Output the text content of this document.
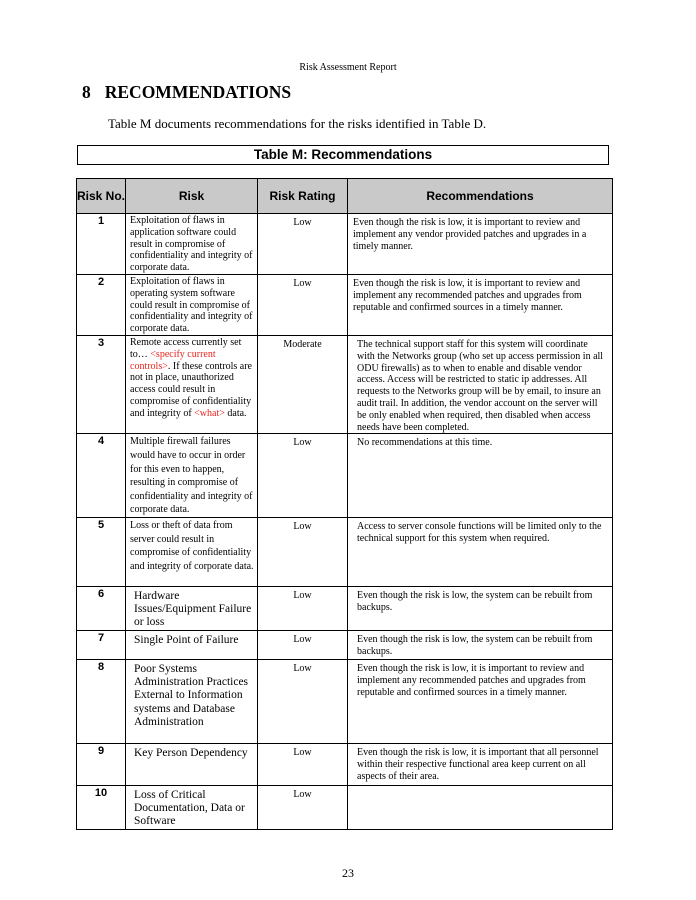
Risk Assessment Report
8 RECOMMENDATIONS
Table M documents recommendations for the risks identified in Table D.
Table M: Recommendations
Risk No.	Risk	Risk Rating	Recommendations
1	Exploitation of flaws in application software could result in compromise of confidentiality and integrity of corporate data.	Low	Even though the risk is low, it is important to review and implement any vendor provided patches and upgrades in a timely manner.
2	Exploitation of flaws in operating system software could result in compromise of confidentiality and integrity of corporate data.	Low	Even though the risk is low, it is important to review and implement any recommended patches and upgrades from reputable and confirmed sources in a timely manner.
3	Remote access currently set to… <specify current controls>. If these controls are not in place, unauthorized access could result in compromise of confidentiality and integrity of <what> data.	Moderate	The technical support staff for this system will coordinate with the Networks group (who set up access permission in all ODU firewalls) as to when to enable and disable vendor access. Access will be restricted to static ip addresses. All requests to the Networks group will be by email, to insure an audit trail. In addition, the vendor account on the server will be only enabled when required, then disabled when access needs have been completed.
4	Multiple firewall failures would have to occur in order for this even to happen, resulting in compromise of confidentiality and integrity of corporate data.	Low	No recommendations at this time.
5	Loss or theft of data from server could result in compromise of confidentiality and integrity of corporate data.	Low	Access to server console functions will be limited only to the technical support for this system when required.
6	Hardware Issues/Equipment Failure or loss	Low	Even though the risk is low, the system can be rebuilt from backups.
7	Single Point of Failure	Low	Even though the risk is low, the system can be rebuilt from backups.
8	Poor Systems Administration Practices External to Information systems and Database Administration	Low	Even though the risk is low, it is important to review and implement any recommended patches and upgrades from reputable and confirmed sources in a timely manner.
9	Key Person Dependency	Low	Even though the risk is low, it is important that all personnel within their respective functional area keep current on all aspects of their area.
10	Loss of Critical Documentation, Data or Software	Low	
23
